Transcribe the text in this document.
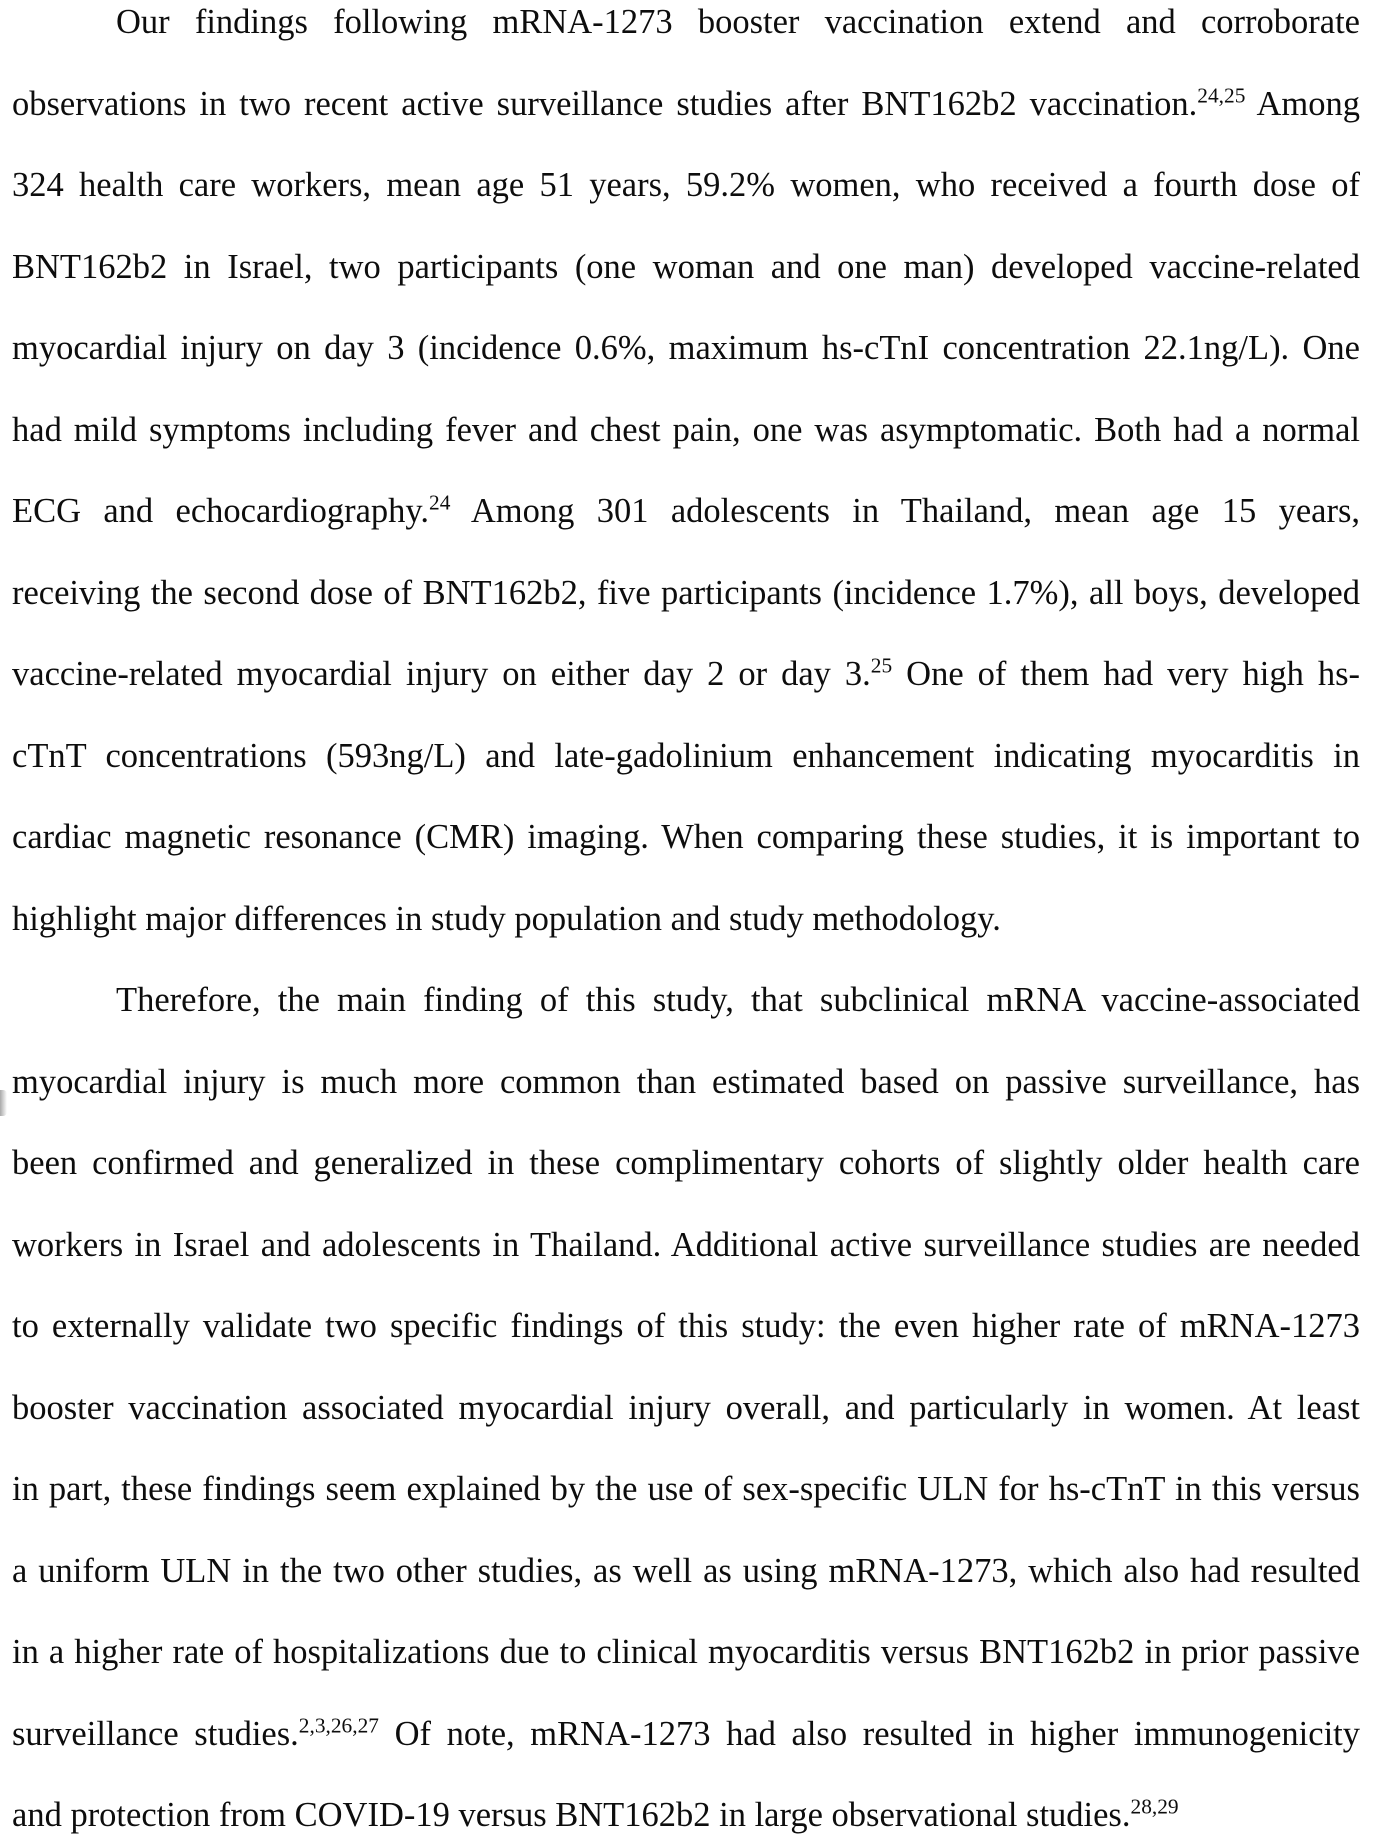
Our findings following mRNA-1273 booster vaccination extend and corroborate
observations in two recent active surveillance studies after BNT162b2 vaccination.$^{24,25}$ Among
324 health care workers, mean age 51 years, 59.2% women, who received a fourth dose of
BNT162b2 in Israel, two participants (one woman and one man) developed vaccine-related
myocardial injury on day 3 (incidence 0.6%, maximum hs-cTnI concentration 22.1ng/L). One
had mild symptoms including fever and chest pain, one was asymptomatic. Both had a normal
ECG and echocardiography.$^{24}$ Among 301 adolescents in Thailand, mean age 15 years,
receiving the second dose of BNT162b2, five participants (incidence 1.7%), all boys, developed
vaccine-related myocardial injury on either day 2 or day 3.25 One of them had very high hs-
cTnT concentrations (593ng/L) and late-gadolinium enhancement indicating myocarditis in
cardiac magnetic resonance (CMR) imaging. When comparing these studies, it is important to
highlight major differences in study population and study methodology.
Therefore, the main finding of this study, that subclinical mRNA vaccine-associated
myocardial injury is much more common than estimated based on passive surveillance, has
been confirmed and generalized in these complimentary cohorts of slightly older health care
workers in Israel and adolescents in Thailand. Additional active surveillance studies are needed
to externally validate two specific findings of this study: the even higher rate of mRNA-1273
booster vaccination associated myocardial injury overall, and particularly in women. At least
in part, these findings seem explained by the use of sex-specific ULN for hs-cTnT in this versus
a uniform ULN in the two other studies, as well as using mRNA-1273, which also had resulted
in a higher rate of hospitalizations due to clinical myocarditis versus BNT162b2 in prior passive
surveillance studies.$^{2,3,26,27}$ Of note, mRNA-1273 had also resulted in higher immunogenicity
and protection from COVID-19 versus BNT162b2 in large observational studies.$^{28,29}$
